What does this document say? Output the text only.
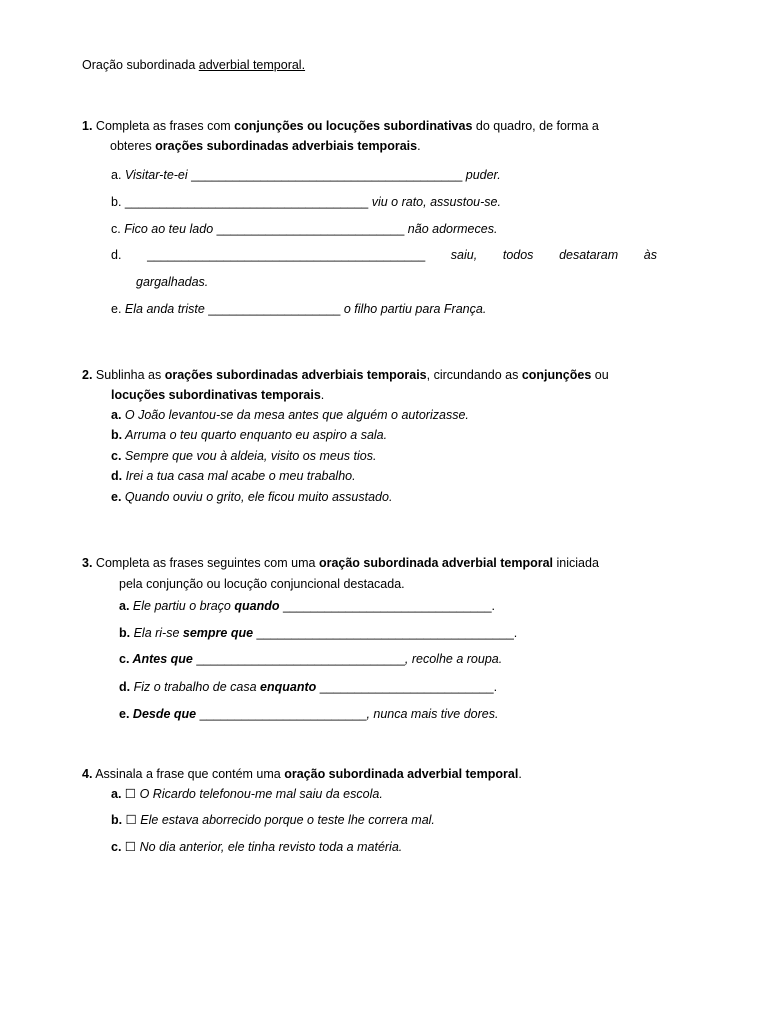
Oração subordinada adverbial temporal.
1. Completa as frases com conjunções ou locuções subordinativas do quadro, de forma a
obteres orações subordinadas adverbiais temporais.
a. Visitar-te-ei _______________________________________ puder.
b. ___________________________________ viu o rato, assustou-se.
c. Fico ao teu lado ___________________________ não adormeces.
d. ________________________________________ saiu, todos desataram às
gargalhadas.
e. Ela anda triste ___________________ o filho partiu para França.
2. Sublinha as orações subordinadas adverbiais temporais, circundando as conjunções ou
locuções subordinativas temporais.
a. O João levantou-se da mesa antes que alguém o autorizasse.
b. Arruma o teu quarto enquanto eu aspiro a sala.
c. Sempre que vou à aldeia, visito os meus tios.
d. Irei a tua casa mal acabe o meu trabalho.
e. Quando ouviu o grito, ele ficou muito assustado.
3. Completa as frases seguintes com uma oração subordinada adverbial temporal iniciada
pela conjunção ou locução conjuncional destacada.
a. Ele partiu o braço quando ______________________________.
b. Ela ri-se sempre que _____________________________________.
c. Antes que ______________________________, recolhe a roupa.
d. Fiz o trabalho de casa enquanto _________________________.
e. Desde que ________________________, nunca mais tive dores.
4. Assinala a frase que contém uma oração subordinada adverbial temporal.
a. ☐ O Ricardo telefonou-me mal saiu da escola.
b. ☐ Ele estava aborrecido porque o teste lhe correra mal.
c. ☐ No dia anterior, ele tinha revisto toda a matéria.
